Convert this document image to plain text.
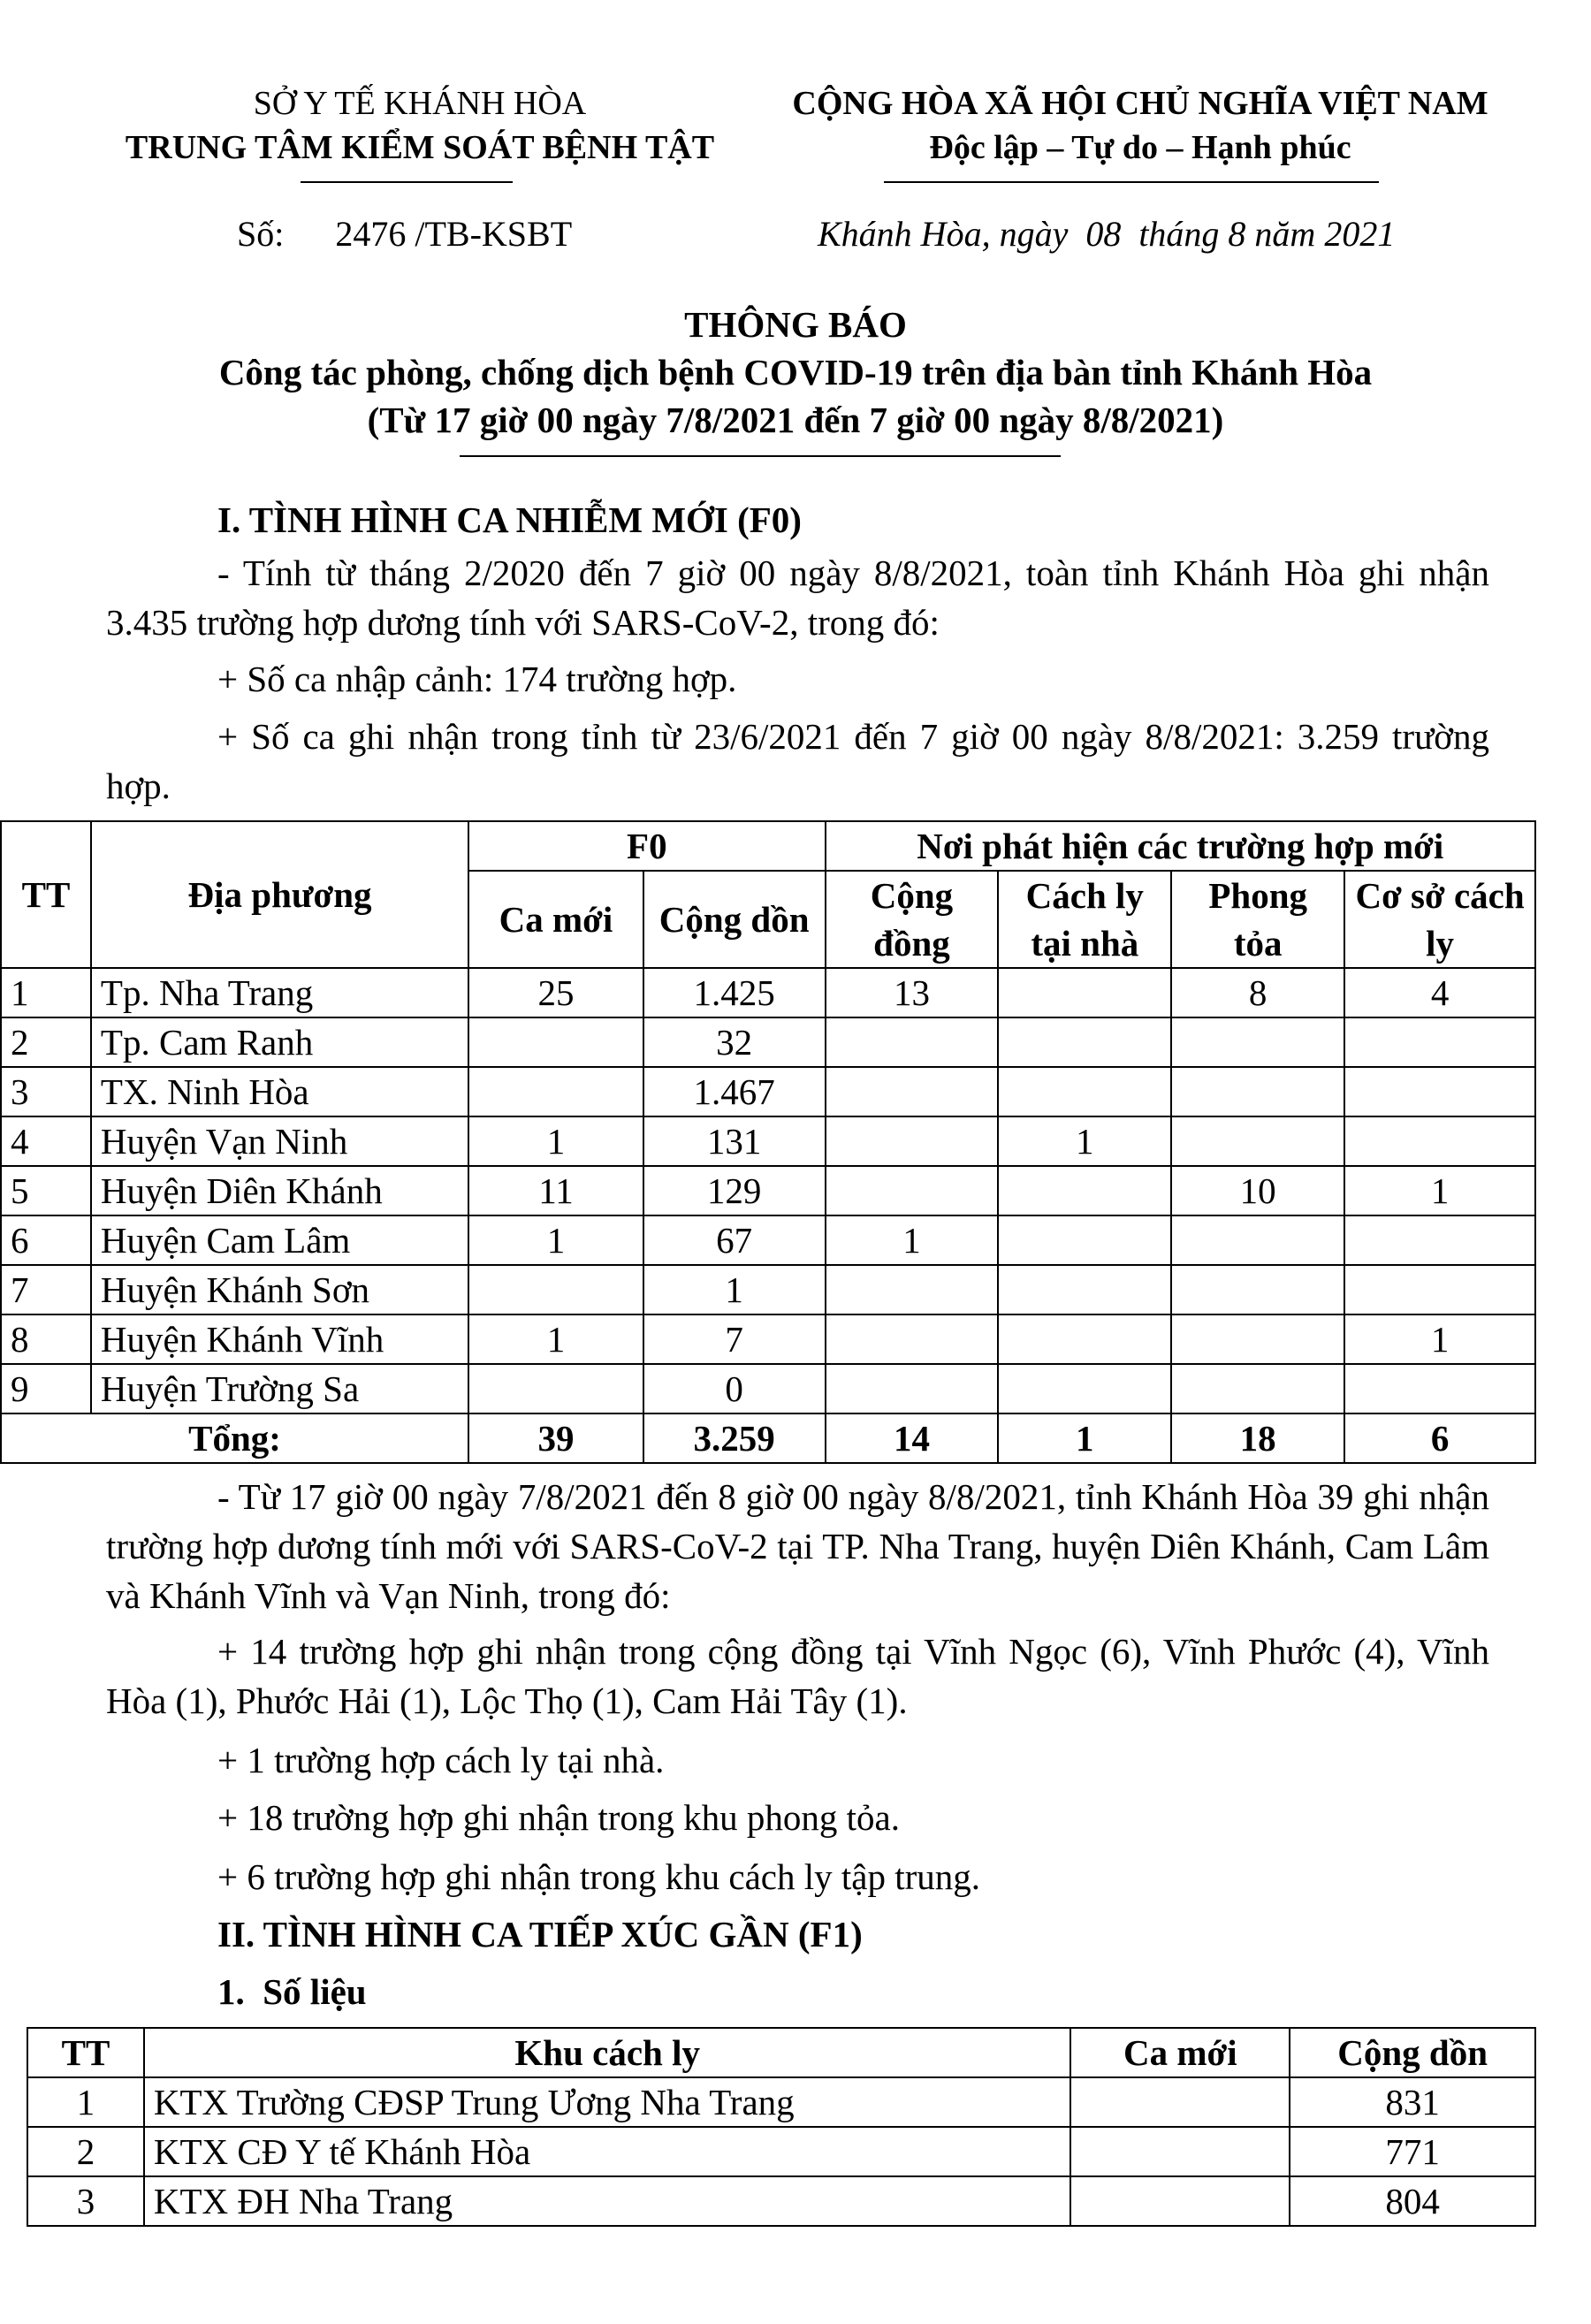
SỞ Y TẾ KHÁNH HÒA
TRUNG TÂM KIỂM SOÁT BỆNH TẬT
CỘNG HÒA XÃ HỘI CHỦ NGHĨA VIỆT NAM
Độc lập – Tự do – Hạnh phúc
Số: 2476 /TB-KSBT	Khánh Hòa, ngày  08  tháng 8 năm 2021
THÔNG BÁO
Công tác phòng, chống dịch bệnh COVID-19 trên địa bàn tỉnh Khánh Hòa
(Từ 17 giờ 00 ngày 7/8/2021 đến 7 giờ 00 ngày 8/8/2021)
I. TÌNH HÌNH CA NHIỄM MỚI (F0)
- Tính từ tháng 2/2020 đến 7 giờ 00 ngày 8/8/2021, toàn tỉnh Khánh Hòa ghi nhận 3.435 trường hợp dương tính với SARS-CoV-2, trong đó:
+ Số ca nhập cảnh: 174 trường hợp.
+ Số ca ghi nhận trong tỉnh từ 23/6/2021 đến 7 giờ 00 ngày 8/8/2021: 3.259 trường hợp.
TT	Địa phương	F0		Nơi phát hiện các trường hợp mới			
		Ca mới	Cộng dồn	Cộng đồng	Cách ly tại nhà	Phong tỏa	Cơ sở cách ly
1	Tp. Nha Trang	25	1.425	13		8	4
2	Tp. Cam Ranh		32				
3	TX. Ninh Hòa		1.467				
4	Huyện Vạn Ninh	1	131		1		
5	Huyện Diên Khánh	11	129			10	1
6	Huyện Cam Lâm	1	67	1			
7	Huyện Khánh Sơn		1				
8	Huyện Khánh Vĩnh	1	7				1
9	Huyện Trường Sa		0				
Tổng:		39	3.259	14	1	18	6
- Từ 17 giờ 00 ngày 7/8/2021 đến 8 giờ 00 ngày 8/8/2021, tỉnh Khánh Hòa 39 ghi nhận trường hợp dương tính mới với SARS-CoV-2 tại TP. Nha Trang, huyện Diên Khánh, Cam Lâm và Khánh Vĩnh và Vạn Ninh, trong đó:
+ 14 trường hợp ghi nhận trong cộng đồng tại Vĩnh Ngọc (6), Vĩnh Phước (4), Vĩnh Hòa (1), Phước Hải (1), Lộc Thọ (1), Cam Hải Tây (1).
+ 1 trường hợp cách ly tại nhà.
+ 18 trường hợp ghi nhận trong khu phong tỏa.
+ 6 trường hợp ghi nhận trong khu cách ly tập trung.
II. TÌNH HÌNH CA TIẾP XÚC GẦN (F1)
1.  Số liệu
TT	Khu cách ly	Ca mới	Cộng dồn
1	KTX Trường CĐSP Trung Ương Nha Trang		831
2	KTX CĐ Y tế Khánh Hòa		771
3	KTX ĐH Nha Trang		804
